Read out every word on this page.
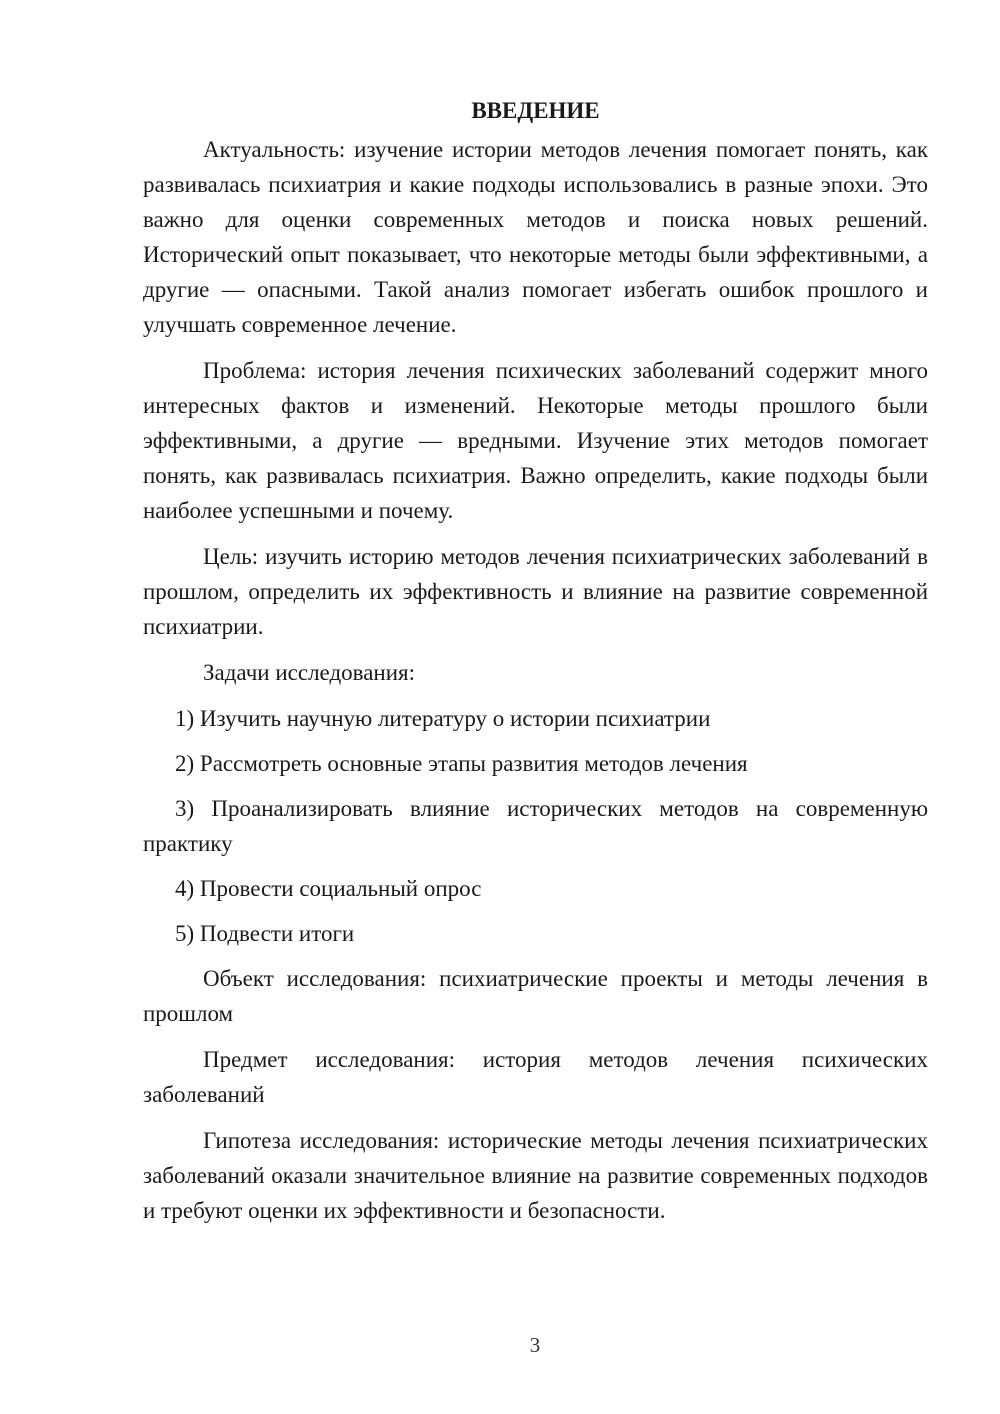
ВВЕДЕНИЕ

Актуальность: изучение истории методов лечения помогает понять, как развивалась психиатрия и какие подходы использовались в разные эпохи. Это важно для оценки современных методов и поиска новых решений. Исторический опыт показывает, что некоторые методы были эффективными, а другие — опасными. Такой анализ помогает избегать ошибок прошлого и улучшать современное лечение.

Проблема: история лечения психических заболеваний содержит много интересных фактов и изменений. Некоторые методы прошлого были эффективными, а другие — вредными. Изучение этих методов помогает понять, как развивалась психиатрия. Важно определить, какие подходы были наиболее успешными и почему.

Цель: изучить историю методов лечения психиатрических заболеваний в прошлом, определить их эффективность и влияние на развитие современной психиатрии.

Задачи исследования:

1) Изучить научную литературу о истории психиатрии

2) Рассмотреть основные этапы развития методов лечения

3) Проанализировать влияние исторических методов на современную практику

4) Провести социальный опрос

5) Подвести итоги

Объект исследования: психиатрические проекты и методы лечения в прошлом

Предмет исследования: история методов лечения психических заболеваний

Гипотеза исследования: исторические методы лечения психиатрических заболеваний оказали значительное влияние на развитие современных подходов и требуют оценки их эффективности и безопасности.

3
